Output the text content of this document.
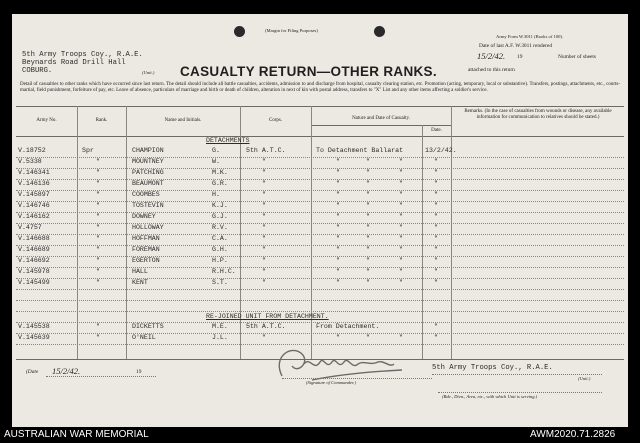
(Margin for Filing Purposes)
Army Form W.3011 (Books of 100).
5th Army Troops Coy., R.A.E.
Beynards Road Drill Hall
COBURG.	(Unit.) CASUALTY RETURN—OTHER RANKS.
Date of last A.F. W.3011 rendered
15/2/42. 19	Number of sheets
attached to this return
Detail of casualties to other ranks which have occurred since last return. The detail should include all battle casualties, accidents, admission to and discharge from hospital, casualty clearing station, etc. Promotion (acting, temporary, local or substantive). Transfers, postings, attachments, etc., courts-martial, field punishment, forfeiture of pay, etc. Leave of absence, particulars of marriage and birth or death of children, alteration in next of kin with postal address, transfers to "X" List and any other items affecting a soldier's service.
Army No.	Rank.	Name and Initials.	Corps.	Nature and Date of Casualty.
Date.
Remarks. (In the case of casualties from wounds or disease, any available information for communication to relatives should be stated.)
DETACHMENTS
V.18752	Spr	CHAMPION	G.	5th A.T.C.	To Detachment Ballarat	13/2/42.
V.5338	"	MOUNTNEY	W.	"	"	"
"	"
V.146341	"	PATCHING	M.K.	"	"	"
"	"
V.146136	"	BEAUMONT	G.R.	"	"	"
"	"
V.145897	"	COOMBES	H.	"	"	"
"	"
V.146746	"	TOSTEVIN	K.J.	"	"	"
"	"
V.146162	"	DOWNEY	G.J.	"	"	"
"	"
V.4757	"	HOLLOWAY	R.V.	"	"	"
"	"
V.146688	"	HOFFMAN	C.A.	"	"	"
"	"
V.146689	"	FOREMAN	G.H.	"	"	"
"	"
V.146692	"	EGERTON	H.P.	"	"	"
"	"
V.145978	"	HALL	R.H.C.	"	"	"
"	"
V.145499	"	KENT	S.T.	"	"	"
"	"
V.145538	"	DICKETTS	M.E.	5th A.T.C.	From Detachment.	"
V.145639	"	O'NEIL	J.L.	"	"	"
"	"
RE-JOINED UNIT FROM DETACHMENT.
(Date 15/2/42.	19
(Signature of Commander.)
5th Army Troops Coy., R.A.E.
(Unit.)
(Bde., Divn., Area, etc., with which Unit is serving.)
AUSTRALIAN WAR MEMORIAL	AWM2020.71.2826
